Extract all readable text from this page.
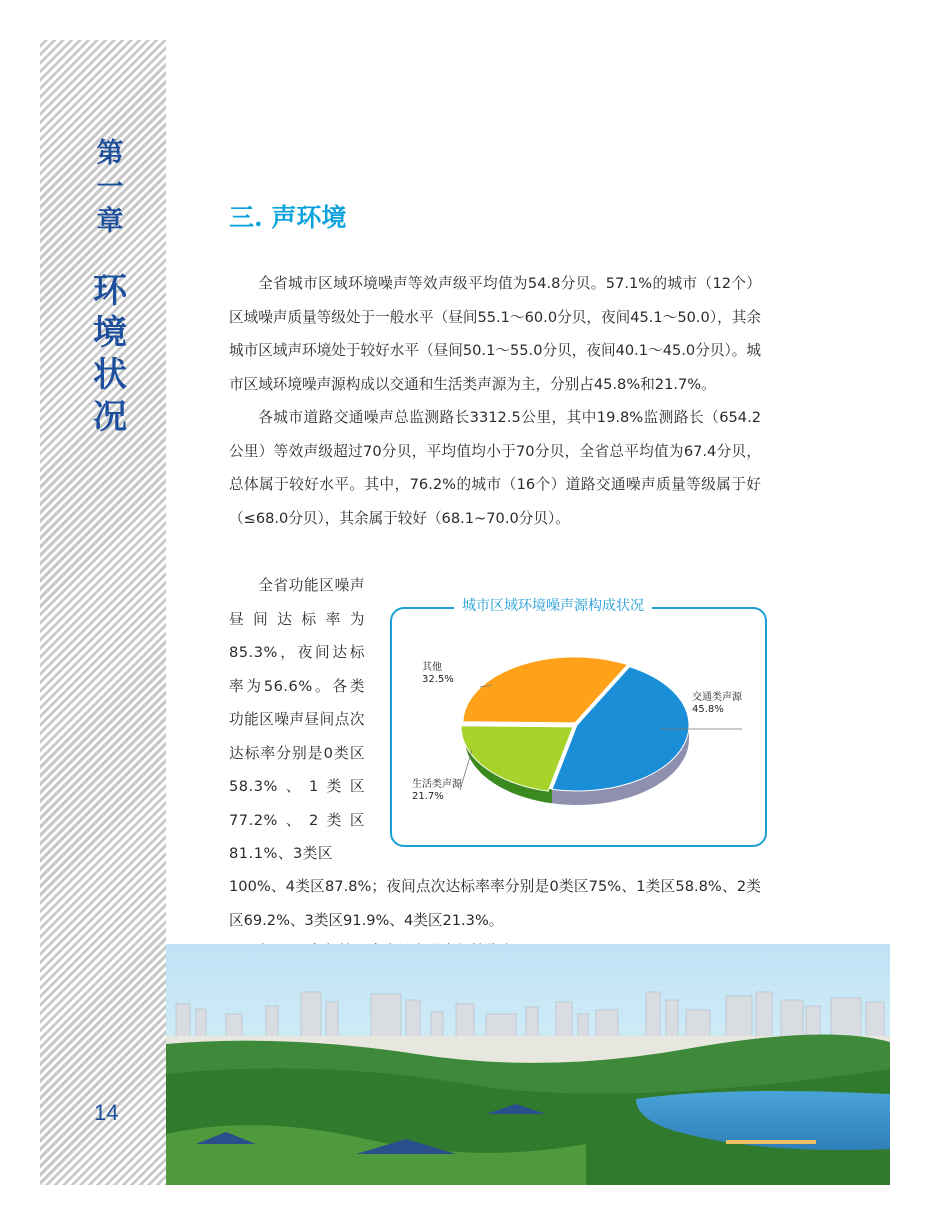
第一章
环境状况
14
三. 声环境

全省城市区域环境噪声等效声级平均值为54.8分贝。57.1%的城市（12个）区域噪声质量等级处于一般水平（昼间55.1～60.0分贝，夜间45.1～50.0），其余城市区域声环境处于较好水平（昼间50.1～55.0分贝，夜间40.1～45.0分贝）。城市区域环境噪声源构成以交通和生活类声源为主，分别占45.8%和21.7%。

各城市道路交通噪声总监测路长3312.5公里，其中19.8%监测路长（654.2公里）等效声级超过70分贝，平均值均小于70分贝，全省总平均值为67.4分贝，总体属于较好水平。其中，76.2%的城市（16个）道路交通噪声质量等级属于好（≤68.0分贝），其余属于较好（68.1~70.0分贝）。

全省功能区噪声昼间达标率为85.3%，夜间达标率为56.6%。各类功能区噪声昼间点次达标率分别是0类区58.3%、1类区77.2%、2类区81.1%、3类区

100%、4类区87.8%；夜间点次达标率率分别是0类区75%、1类区58.8%、2类区69.2%、3类区91.9%、4类区21.3%。

城市区域环境噪声源构成状况
交通类声源
45.8%
生活类声源
21.7%
其他
32.5%
